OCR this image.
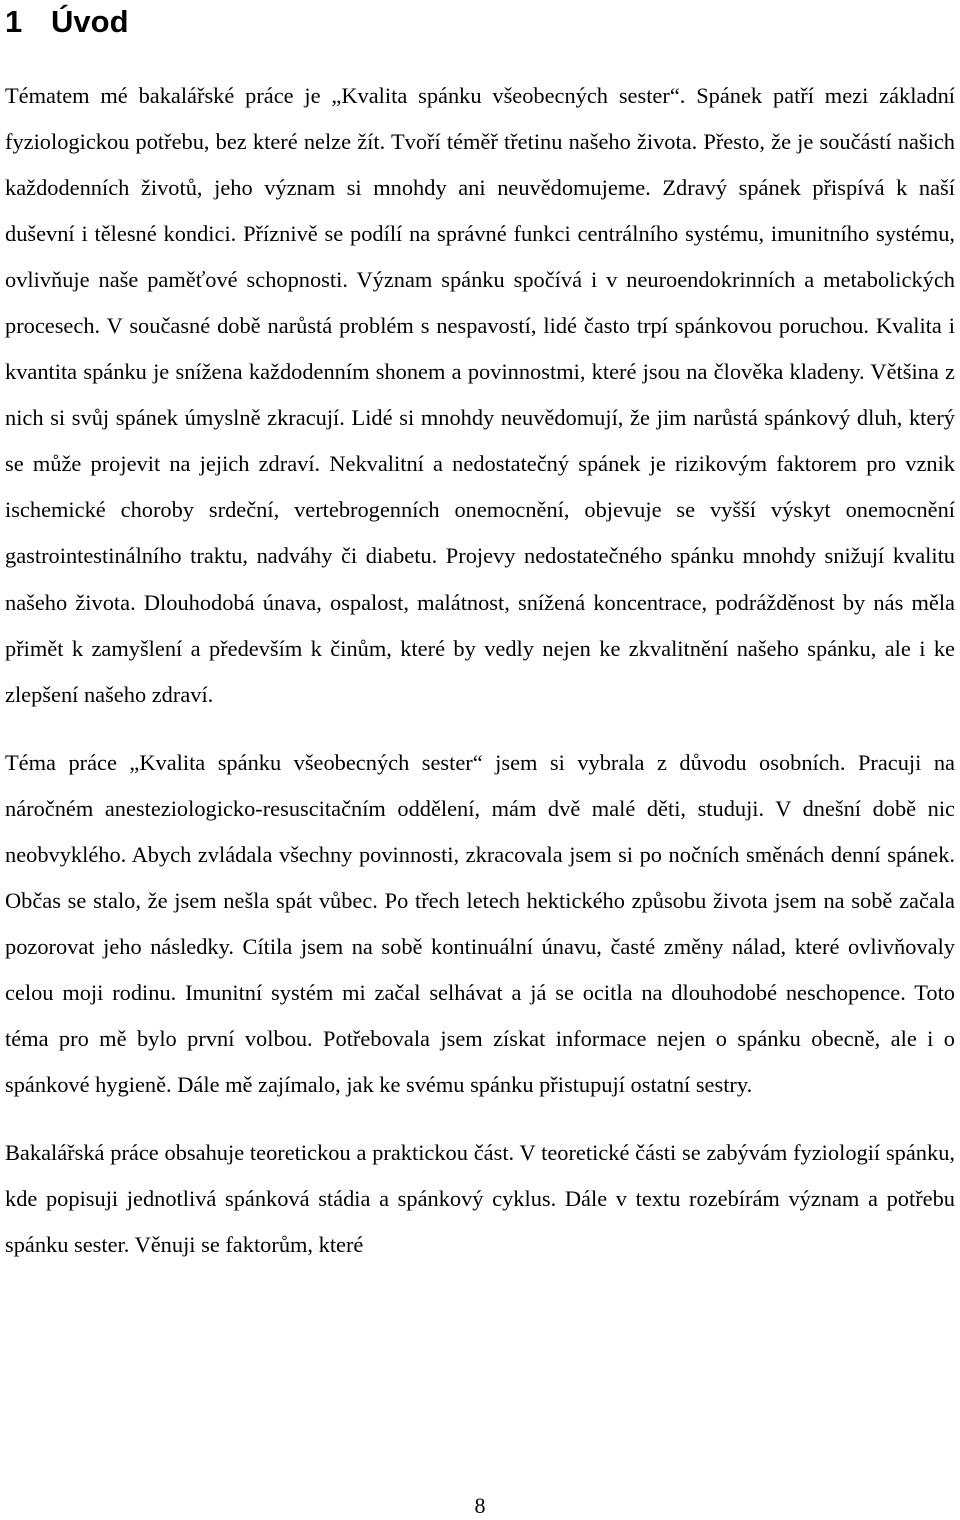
1 Úvod

Tématem mé bakalářské práce je „Kvalita spánku všeobecných sester“. Spánek patří mezi základní fyziologickou potřebu, bez které nelze žít. Tvoří téměř třetinu našeho života. Přesto, že je součástí našich každodenních životů, jeho význam si mnohdy ani neuvědomujeme. Zdravý spánek přispívá k naší duševní i tělesné kondici. Příznivě se podílí na správné funkci centrálního systému, imunitního systému, ovlivňuje naše paměťové schopnosti. Význam spánku spočívá i v neuroendokrinních a metabolických procesech. V současné době narůstá problém s nespavostí, lidé často trpí spánkovou poruchou. Kvalita i kvantita spánku je snížena každodenním shonem a povinnostmi, které jsou na člověka kladeny. Většina z nich si svůj spánek úmyslně zkracují. Lidé si mnohdy neuvědomují, že jim narůstá spánkový dluh, který se může projevit na jejich zdraví. Nekvalitní a nedostatečný spánek je rizikovým faktorem pro vznik ischemické choroby srdeční, vertebrogenních onemocnění, objevuje se vyšší výskyt onemocnění gastrointestinálního traktu, nadváhy či diabetu. Projevy nedostatečného spánku mnohdy snižují kvalitu našeho života. Dlouhodobá únava, ospalost, malátnost, snížená koncentrace, podrážděnost by nás měla přimět k zamyšlení a především k činům, které by vedly nejen ke zkvalitnění našeho spánku, ale i ke zlepšení našeho zdraví.

Téma práce „Kvalita spánku všeobecných sester“ jsem si vybrala z důvodu osobních. Pracuji na náročném anesteziologicko-resuscitačním oddělení, mám dvě malé děti, studuji. V dnešní době nic neobvyklého. Abych zvládala všechny povinnosti, zkracovala jsem si po nočních směnách denní spánek. Občas se stalo, že jsem nešla spát vůbec. Po třech letech hektického způsobu života jsem na sobě začala pozorovat jeho následky. Cítila jsem na sobě kontinuální únavu, časté změny nálad, které ovlivňovaly celou moji rodinu. Imunitní systém mi začal selhávat a já se ocitla na dlouhodobé neschopence. Toto téma pro mě bylo první volbou. Potřebovala jsem získat informace nejen o spánku obecně, ale i o spánkové hygieně. Dále mě zajímalo, jak ke svému spánku přistupují ostatní sestry.

Bakalářská práce obsahuje teoretickou a praktickou část. V teoretické části se zabývám fyziologií spánku, kde popisuji jednotlivá spánková stádia a spánkový cyklus. Dále v textu rozebírám význam a potřebu spánku sester. Věnuji se faktorům, které

8
